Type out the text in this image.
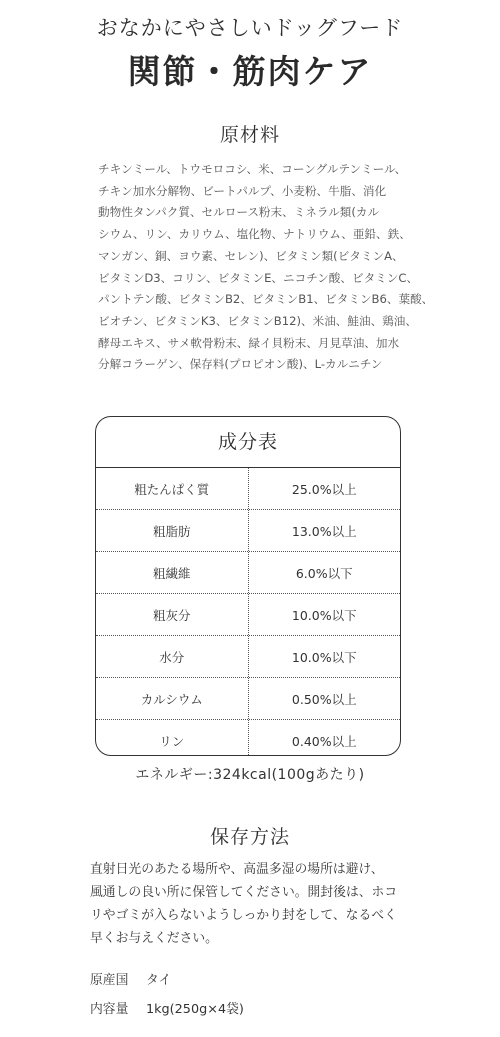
おなかにやさしいドッグフード
関節・筋肉ケア
原材料
チキンミール、トウモロコシ、米、コーングルテンミール、
チキン加水分解物、ビートパルプ、小麦粉、牛脂、消化
動物性タンパク質、セルロース粉末、ミネラル類(カル
シウム、リン、カリウム、塩化物、ナトリウム、亜鉛、鉄、
マンガン、銅、ヨウ素、セレン)、ビタミン類(ビタミンA、
ビタミンD3、コリン、ビタミンE、ニコチン酸、ビタミンC、
パントテン酸、ビタミンB2、ビタミンB1、ビタミンB6、葉酸、
ビオチン、ビタミンK3、ビタミンB12)、米油、鮭油、鶏油、
酵母エキス、サメ軟骨粉末、緑イ貝粉末、月見草油、加水
分解コラーゲン、保存料(プロピオン酸)、L-カルニチン
成分表
粗たんぱく質	25.0%以上
粗脂肪	13.0%以上
粗繊維	6.0%以下
粗灰分	10.0%以下
水分	10.0%以下
カルシウム	0.50%以上
リン	0.40%以上
エネルギー:324kcal(100gあたり)
保存方法
直射日光のあたる場所や、高温多湿の場所は避け、
風通しの良い所に保管してください。開封後は、ホコ
リやゴミが入らないようしっかり封をして、なるべく
早くお与えください。
原産国 タイ
内容量 1kg(250g×4袋)
